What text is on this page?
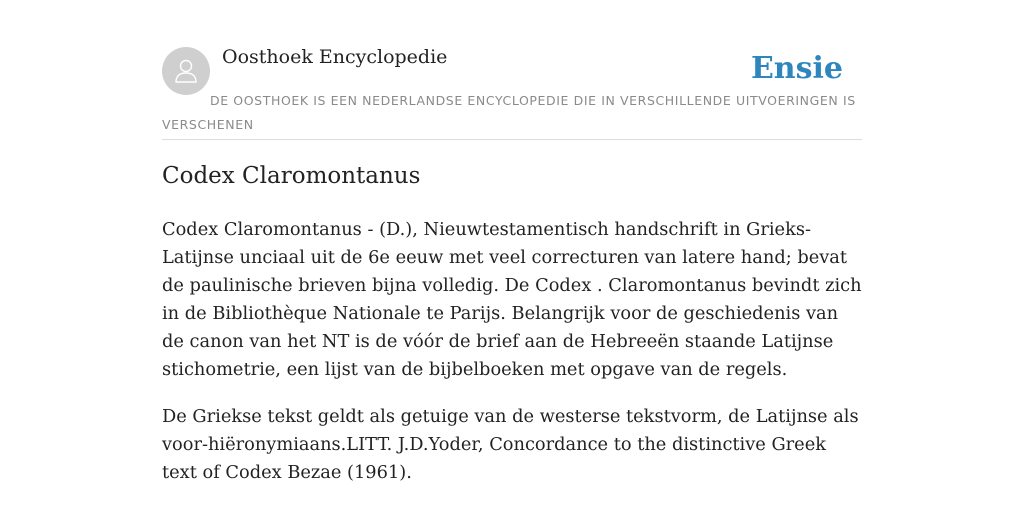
Oosthoek Encyclopedie	Ensie
DE OOSTHOEK IS EEN NEDERLANDSE ENCYCLOPEDIE DIE IN VERSCHILLENDE UITVOERINGEN IS VERSCHENEN
Codex Claromontanus

Codex Claromontanus - (D.), Nieuwtestamentisch handschrift in Grieks-Latijnse unciaal uit de 6e eeuw met veel correcturen van latere hand; bevat de paulinische brieven bijna volledig. De Codex . Claromontanus bevindt zich in de Bibliothèque Nationale te Parijs. Belangrijk voor de geschiedenis van de canon van het NT is de vóór de brief aan de Hebreeën staande Latijnse stichometrie, een lijst van de bijbelboeken met opgave van de regels.

De Griekse tekst geldt als getuige van de westerse tekstvorm, de Latijnse als voor-hiëronymiaans.LITT. J.D.Yoder, Concordance to the distinctive Greek text of Codex Bezae (1961).
